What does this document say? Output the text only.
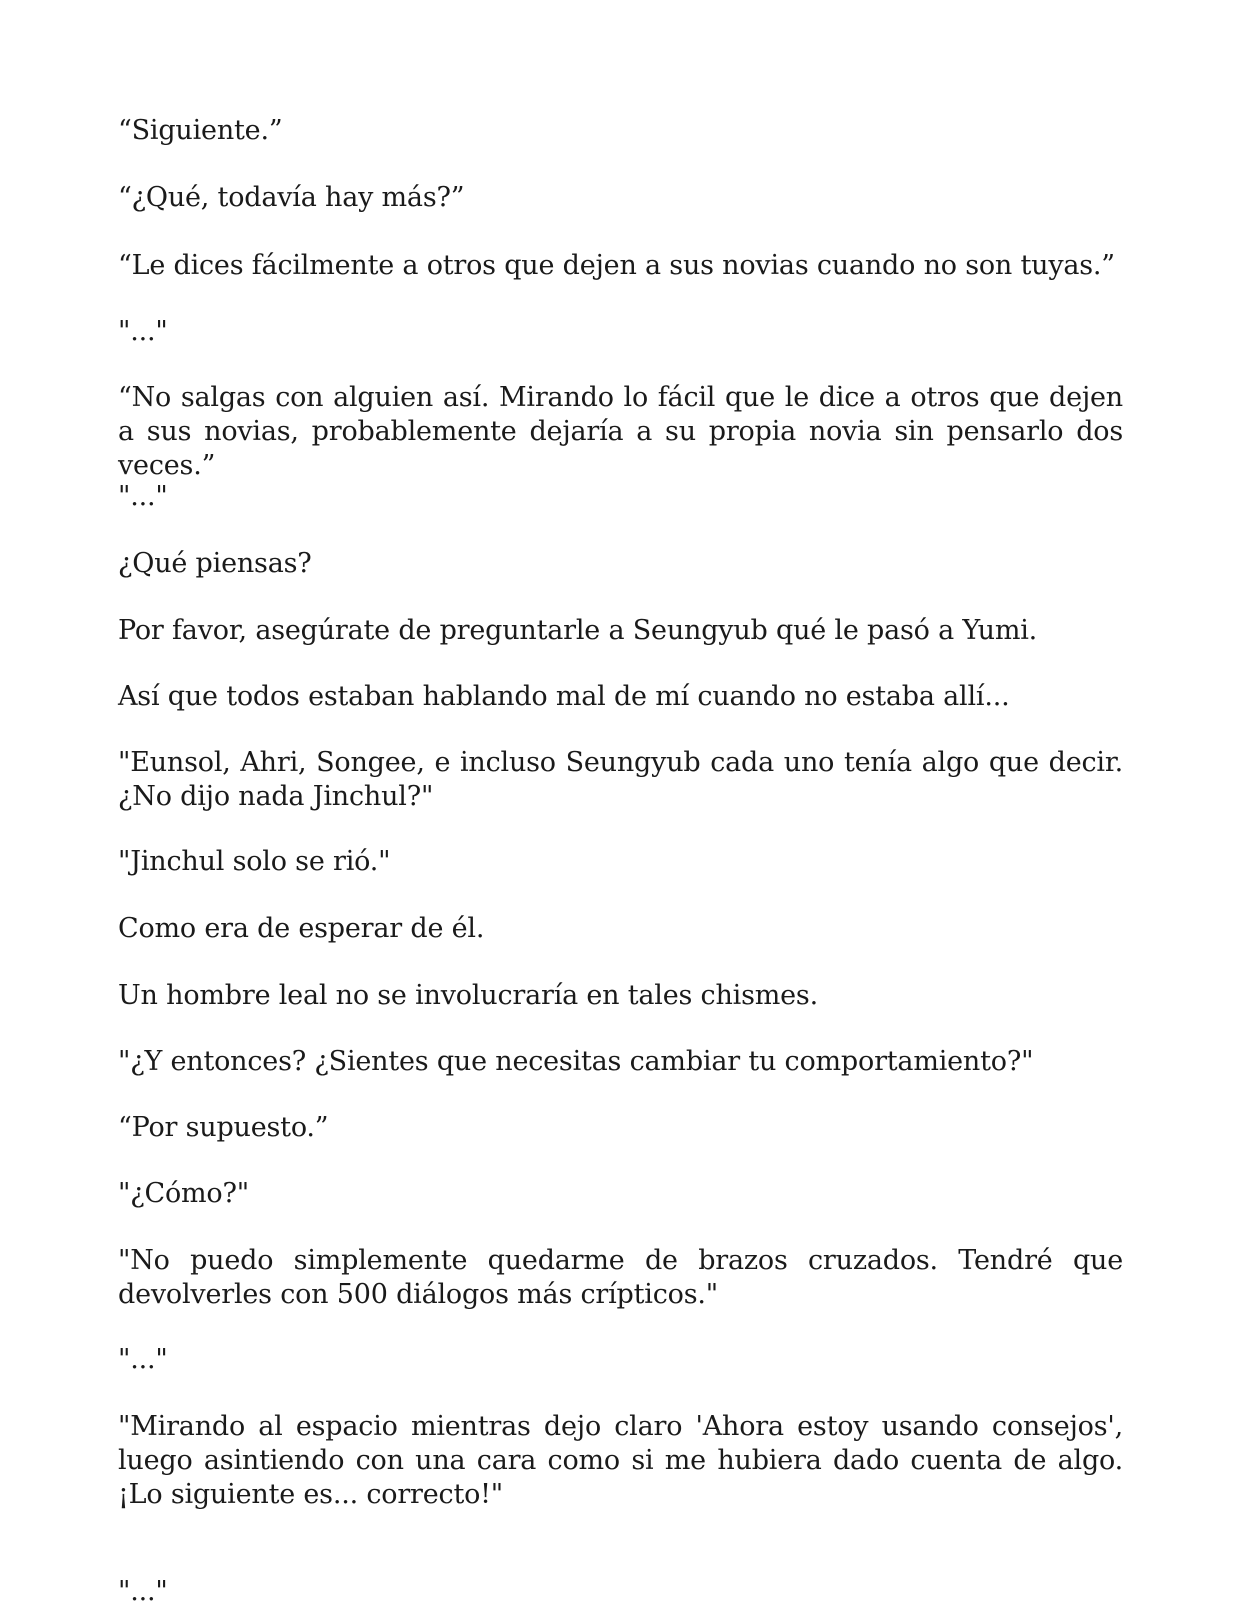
“Siguiente.”

“¿Qué, todavía hay más?”

“Le dices fácilmente a otros que dejen a sus novias cuando no son tuyas.”

"..."

“No salgas con alguien así. Mirando lo fácil que le dice a otros que dejen a sus novias, probablemente dejaría a su propia novia sin pensarlo dos veces.”

"..."

¿Qué piensas?

Por favor, asegúrate de preguntarle a Seungyub qué le pasó a Yumi.

Así que todos estaban hablando mal de mí cuando no estaba allí...

"Eunsol, Ahri, Songee, e incluso Seungyub cada uno tenía algo que decir. ¿No dijo nada Jinchul?"

"Jinchul solo se rió."

Como era de esperar de él.

Un hombre leal no se involucraría en tales chismes.

"¿Y entonces? ¿Sientes que necesitas cambiar tu comportamiento?"

“Por supuesto.”

"¿Cómo?"

"No puedo simplemente quedarme de brazos cruzados. Tendré que devolverles con 500 diálogos más crípticos."

"..."

"Mirando al espacio mientras dejo claro 'Ahora estoy usando consejos', luego asintiendo con una cara como si me hubiera dado cuenta de algo. ¡Lo siguiente es... correcto!"

"..."
